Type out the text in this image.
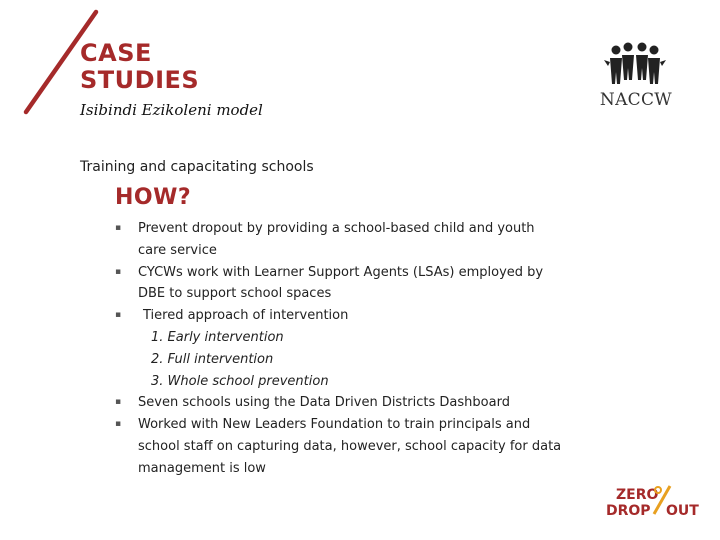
CASE
STUDIES
Isibindi Ezikoleni model	NACCW
Training and capacitating schools
HOW?
▪ Prevent dropout by providing a school-based child and youth
care service
▪ CYCWs work with Learner Support Agents (LSAs) employed by
DBE to support school spaces
▪	Tiered approach of intervention
1. Early intervention
2. Full intervention
3. Whole school prevention
▪ Seven schools using the Data Driven Districts Dashboard
▪ Worked with New Leaders Foundation to train principals and
school staff on capturing data, however, school capacity for data
management is low
ZERO
DROP OUT
